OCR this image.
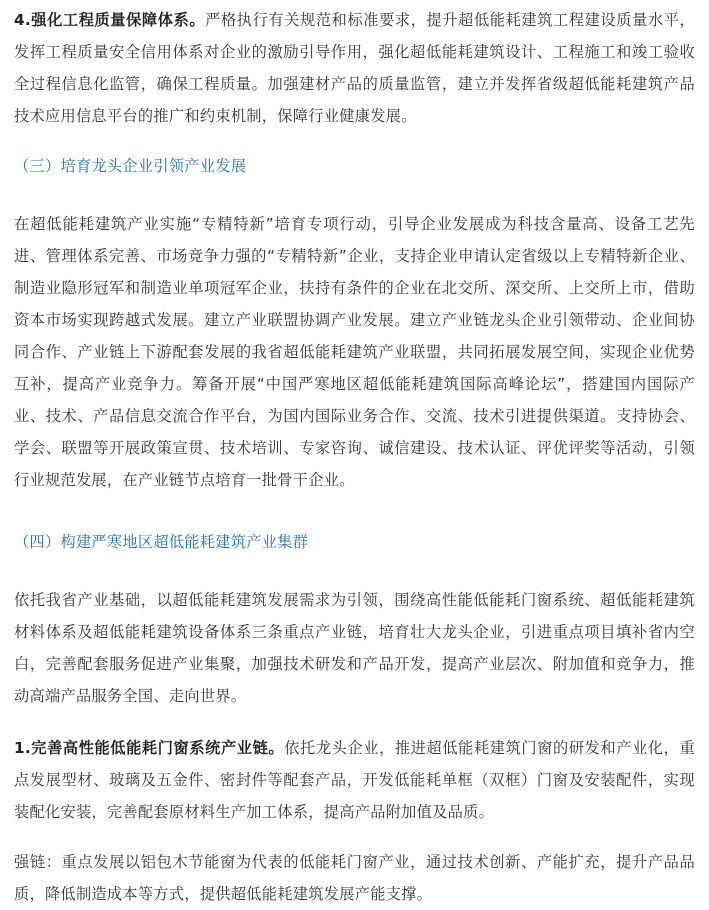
4.强化工程质量保障体系。严格执行有关规范和标准要求，提升超低能耗建筑工程建设质量水平，发挥工程质量安全信用体系对企业的激励引导作用，强化超低能耗建筑设计、工程施工和竣工验收全过程信息化监管，确保工程质量。加强建材产品的质量监管，建立并发挥省级超低能耗建筑产品技术应用信息平台的推广和约束机制，保障行业健康发展。

（三）培育龙头企业引领产业发展

在超低能耗建筑产业实施“专精特新”培育专项行动，引导企业发展成为科技含量高、设备工艺先进、管理体系完善、市场竞争力强的“专精特新”企业，支持企业申请认定省级以上专精特新企业、制造业隐形冠军和制造业单项冠军企业，扶持有条件的企业在北交所、深交所、上交所上市，借助资本市场实现跨越式发展。建立产业联盟协调产业发展。建立产业链龙头企业引领带动、企业间协同合作、产业链上下游配套发展的我省超低能耗建筑产业联盟，共同拓展发展空间，实现企业优势互补，提高产业竞争力。筹备开展“中国严寒地区超低能耗建筑国际高峰论坛”，搭建国内国际产业、技术、产品信息交流合作平台，为国内国际业务合作、交流、技术引进提供渠道。支持协会、学会、联盟等开展政策宣贯、技术培训、专家咨询、诚信建设、技术认证、评优评奖等活动，引领行业规范发展，在产业链节点培育一批骨干企业。

（四）构建严寒地区超低能耗建筑产业集群

依托我省产业基础，以超低能耗建筑发展需求为引领，围绕高性能低能耗门窗系统、超低能耗建筑材料体系及超低能耗建筑设备体系三条重点产业链，培育壮大龙头企业，引进重点项目填补省内空白，完善配套服务促进产业集聚，加强技术研发和产品开发，提高产业层次、附加值和竞争力，推动高端产品服务全国、走向世界。

1.完善高性能低能耗门窗系统产业链。依托龙头企业，推进超低能耗建筑门窗的研发和产业化，重点发展型材、玻璃及五金件、密封件等配套产品，开发低能耗单框（双框）门窗及安装配件，实现装配化安装，完善配套原材料生产加工体系，提高产品附加值及品质。

强链：重点发展以铝包木节能窗为代表的低能耗门窗产业，通过技术创新、产能扩充，提升产品品质，降低制造成本等方式，提供超低能耗建筑发展产能支撑。
